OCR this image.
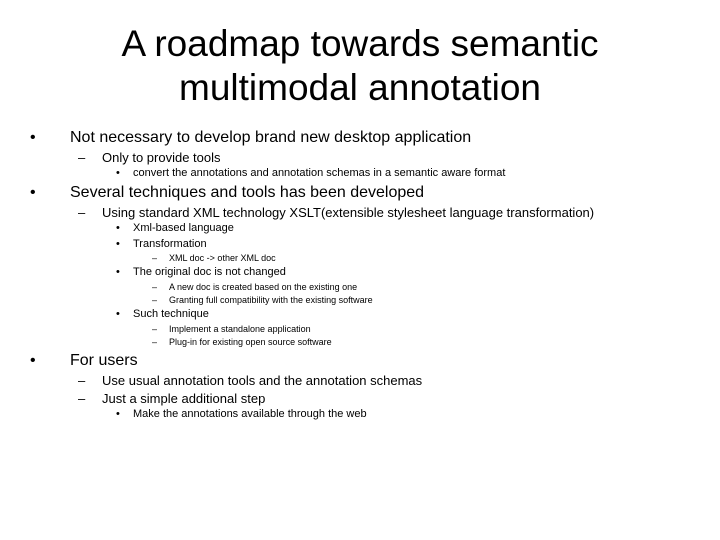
A roadmap towards semantic
multimodal annotation
• Not necessary to develop brand new desktop application
– Only to provide tools
• convert the annotations and annotation schemas in a semantic aware format
• Several techniques and tools has been developed
– Using standard XML technology XSLT(extensible stylesheet language transformation)
• Xml-based language
• Transformation
– XML doc -> other XML doc
• The original doc is not changed
– A new doc is created based on the existing one
– Granting full compatibility with the existing software
• Such technique
– Implement a standalone application
– Plug-in for existing open source software
• For users
– Use usual annotation tools and the annotation schemas
– Just a simple additional step
• Make the annotations available through the web
